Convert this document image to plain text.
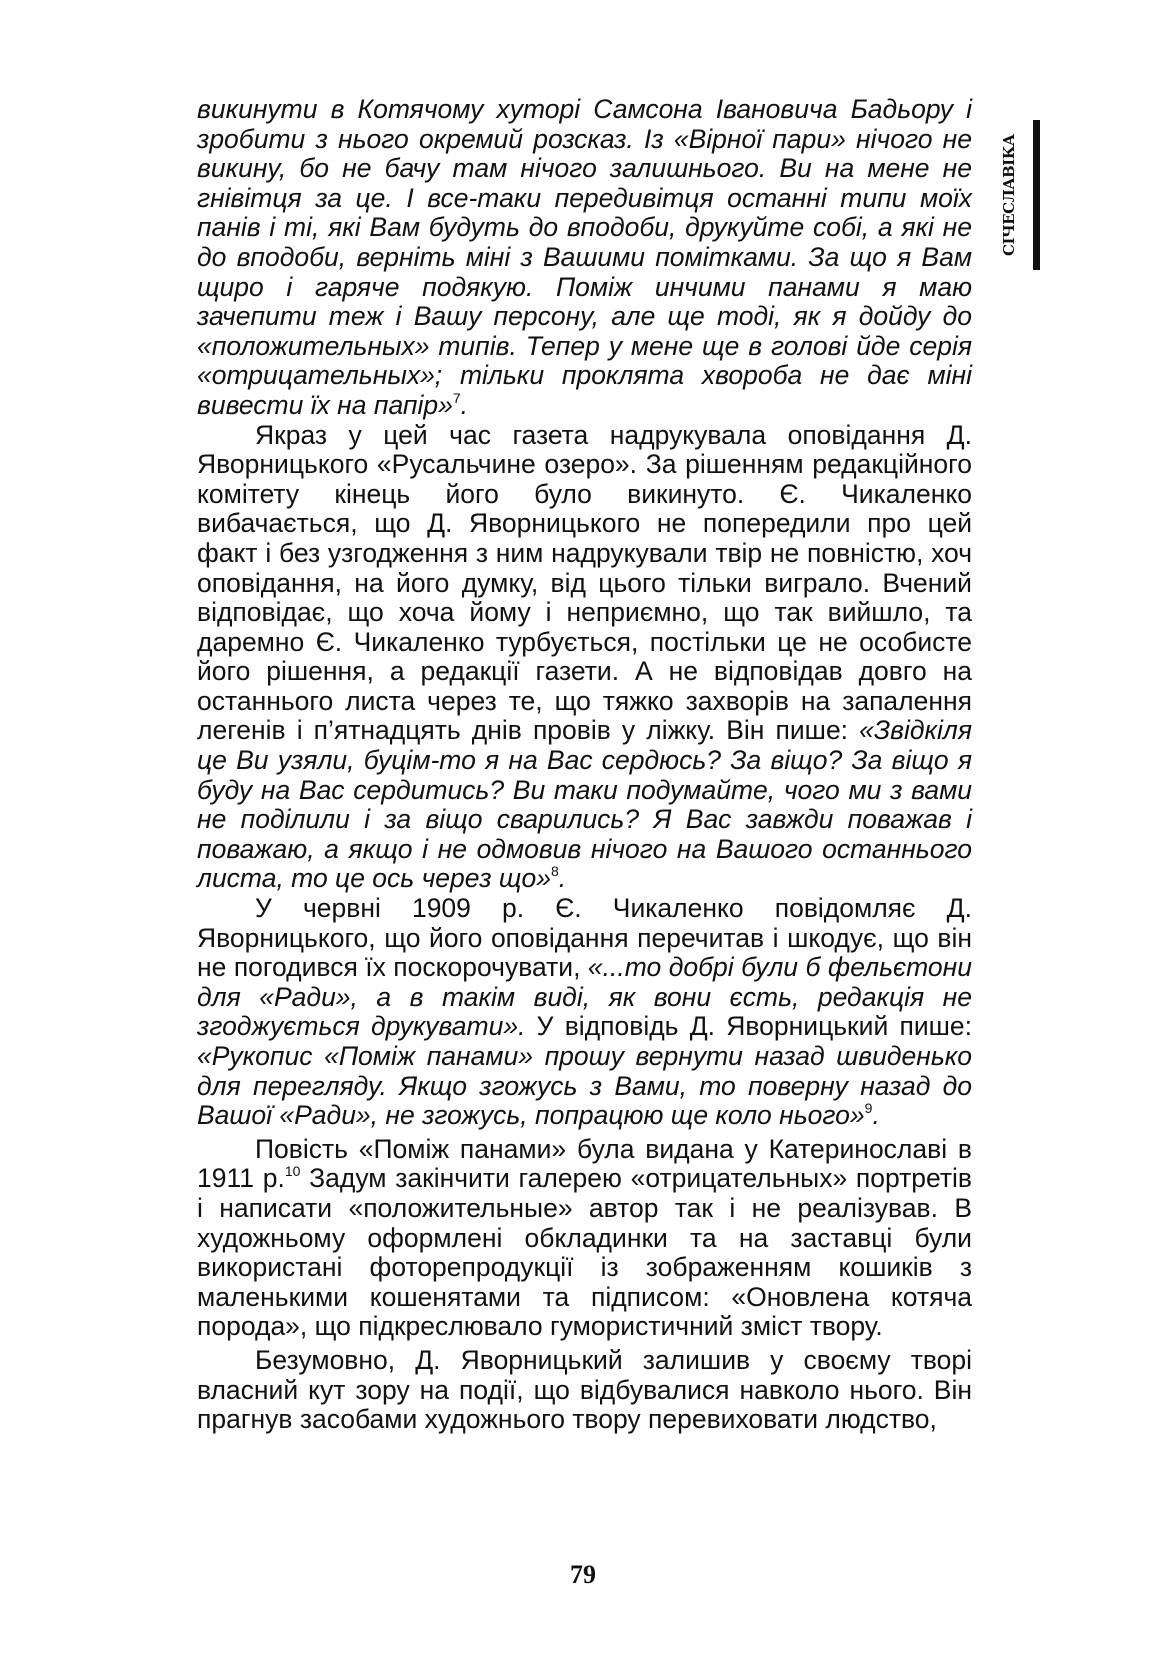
СІЧЕСЛАВІКА

викинути в Котячому хуторі Самсона Івановича Бадьору і зробити з нього окремий розсказ. Із «Вірної пари» нічого не викину, бо не бачу там нічого залишнього. Ви на мене не гнівітця за це. І все-таки передивітця останні типи моїх панів і ті, які Вам будуть до вподоби, друкуйте собі, а які не до вподоби, верніть міні з Вашими помітками. За що я Вам щиро і гаряче подякую. Поміж инчими панами я маю зачепити теж і Вашу персону, але ще тоді, як я дойду до «положительных» типів. Тепер у мене ще в голові йде серія «отрицательных»; тільки проклята хвороба не дає міні вивести їх на папір»$^7$.

Якраз у цей час газета надрукувала оповідання Д. Яворницького «Русальчине озеро». За рішенням редакційного комітету кінець його було викинуто. Є. Чикаленко вибачається, що Д. Яворницького не попередили про цей факт і без узгодження з ним надрукували твір не повністю, хоч оповідання, на його думку, від цього тільки виграло. Вчений відповідає, що хоча йому і неприємно, що так вийшло, та даремно Є. Чикаленко турбується, постільки це не особисте його рішення, а редакції газети. А не відповідав довго на останнього листа через те, що тяжко захворів на запалення легенів і п’ятнадцять днів провів у ліжку. Він пише: «Звідкіля це Ви узяли, буцім-то я на Вас сердюсь? За віщо? За віщо я буду на Вас сердитись? Ви таки подумайте, чого ми з вами не поділили і за віщо сварились? Я Вас завжди поважав і поважаю, а якщо і не одмовив нічого на Вашого останнього листа, то це ось через що»$^8$.

У червні 1909 р. Є. Чикаленко повідомляє Д. Яворницького, що його оповідання перечитав і шкодує, що він не погодився їх поскорочувати, «...то добрі були б фельєтони для «Ради», а в такім виді, як вони єсть, редакція не згоджується друкувати». У відповідь Д. Яворницький пише: «Рукопис «Поміж панами» прошу вернути назад швиденько для перегляду. Якщо згожусь з Вами, то поверну назад до Вашої «Ради», не згожусь, попрацюю ще коло нього»$^9$.

Повість «Поміж панами» була видана у Катеринославі в 1911 р.$^{10}$ Задум закінчити галерею «отрицательных» портретів і написати «положительные» автор так і не реалізував. В художньому оформлені обкладинки та на заставці були використані фоторепродукції із зображенням кошиків з маленькими кошенятами та підписом: «Оновлена котяча порода», що підкреслювало гумористичний зміст твору.

Безумовно, Д. Яворницький залишив у своєму творі власний кут зору на події, що відбувалися навколо нього. Він прагнув засобами художнього твору перевиховати людство,

79
